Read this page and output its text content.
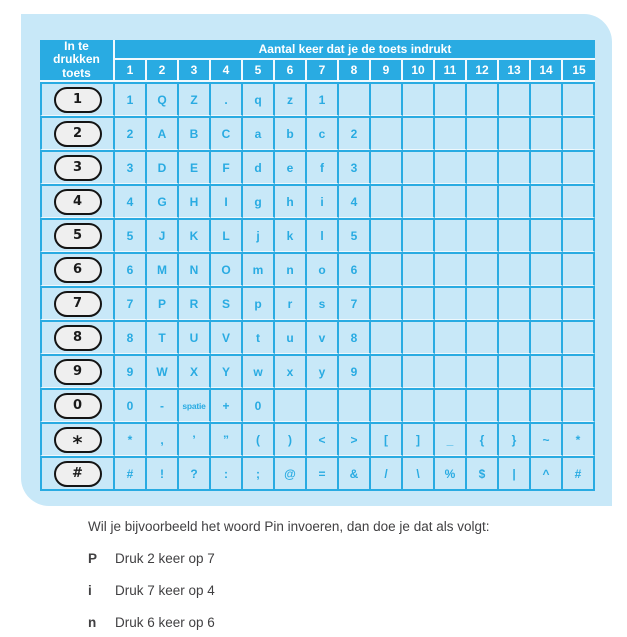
In te drukken toets	Aantal keer dat je de toets indrukt														
	1	2	3	4	5	6	7	8	9	10	11	12	13	14	15

1	1	Q	Z	.	q	z	1								

2	2	A	B	C	a	b	c	2							

3	3	D	E	F	d	e	f	3							

4	4	G	H	I	g	h	i	4							

5	5	J	K	L	j	k	l	5							

6	6	M	N	O	m	n	o	6							

7	7	P	R	S	p	r	s	7							

8	8	T	U	V	t	u	v	8							

9	9	W	X	Y	w	x	y	9							

0	0	-	spatie	+	0										

*	*	,	’	”	(	)	<	>	[	]	_	{	}	~	*

#	#	!	?	:	;	@	=	&	/	\	%	$	|	^	#

Wil je bijvoorbeeld het woord Pin invoeren, dan doe je dat als volgt:

P Druk 2 keer op 7
i Druk 7 keer op 4
n Druk 6 keer op 6
